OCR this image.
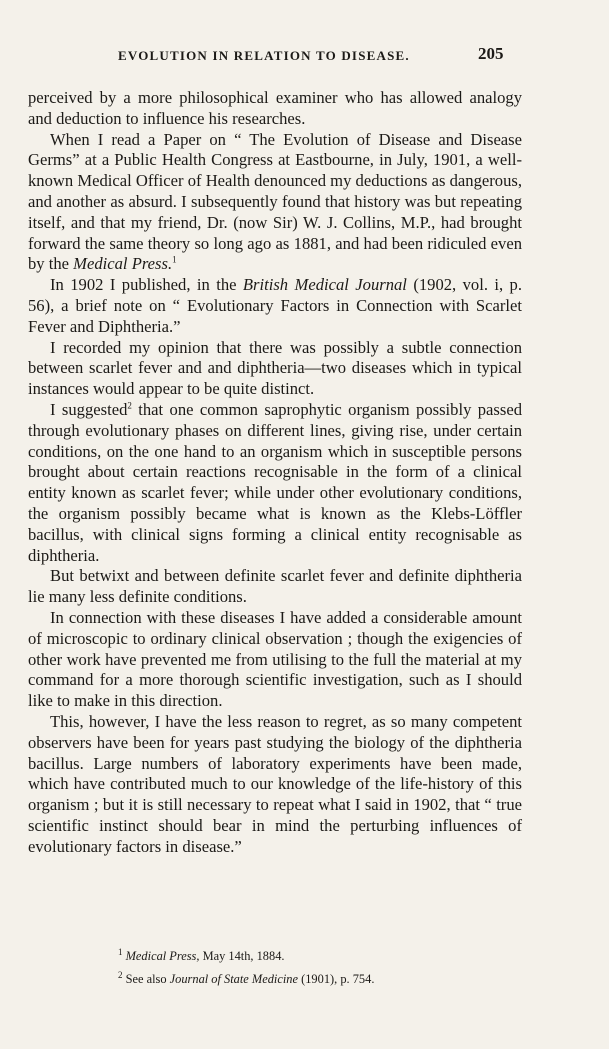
EVOLUTION IN RELATION TO DISEASE.	205

perceived by a more philosophical examiner who has allowed analogy and deduction to influence his researches.

When I read a Paper on “ The Evolution of Disease and Disease Germs” at a Public Health Congress at Eastbourne, in July, 1901, a well-known Medical Officer of Health denounced my deductions as dangerous, and another as absurd. I subsequently found that history was but repeating itself, and that my friend, Dr. (now Sir) W. J. Collins, M.P., had brought forward the same theory so long ago as 1881, and had been ridiculed even by the Medical Press.$^1$

In 1902 I published, in the British Medical Journal (1902, vol. i, p. 56), a brief note on “ Evolutionary Factors in Connection with Scarlet Fever and Diphtheria.”

I recorded my opinion that there was possibly a subtle connection between scarlet fever and and diphtheria—two diseases which in typical instances would appear to be quite distinct.

I suggested$^2$ that one common saprophytic organism possibly passed through evolutionary phases on different lines, giving rise, under certain conditions, on the one hand to an organism which in susceptible persons brought about certain reactions recognisable in the form of a clinical entity known as scarlet fever; while under other evolutionary conditions, the organism possibly became what is known as the Klebs-Löffler bacillus, with clinical signs forming a clinical entity recognisable as diphtheria.

But betwixt and between definite scarlet fever and definite diphtheria lie many less definite conditions.

In connection with these diseases I have added a considerable amount of microscopic to ordinary clinical observation ; though the exigencies of other work have prevented me from utilising to the full the material at my command for a more thorough scientific investigation, such as I should like to make in this direction.

This, however, I have the less reason to regret, as so many competent observers have been for years past studying the biology of the diphtheria bacillus. Large numbers of laboratory experiments have been made, which have contributed much to our knowledge of the life-history of this organism ; but it is still necessary to repeat what I said in 1902, that “ true scientific instinct should bear in mind the perturbing influences of evolutionary factors in disease.”

$^1$ Medical Press, May 14th, 1884.

$^2$ See also Journal of State Medicine (1901), p. 754.
